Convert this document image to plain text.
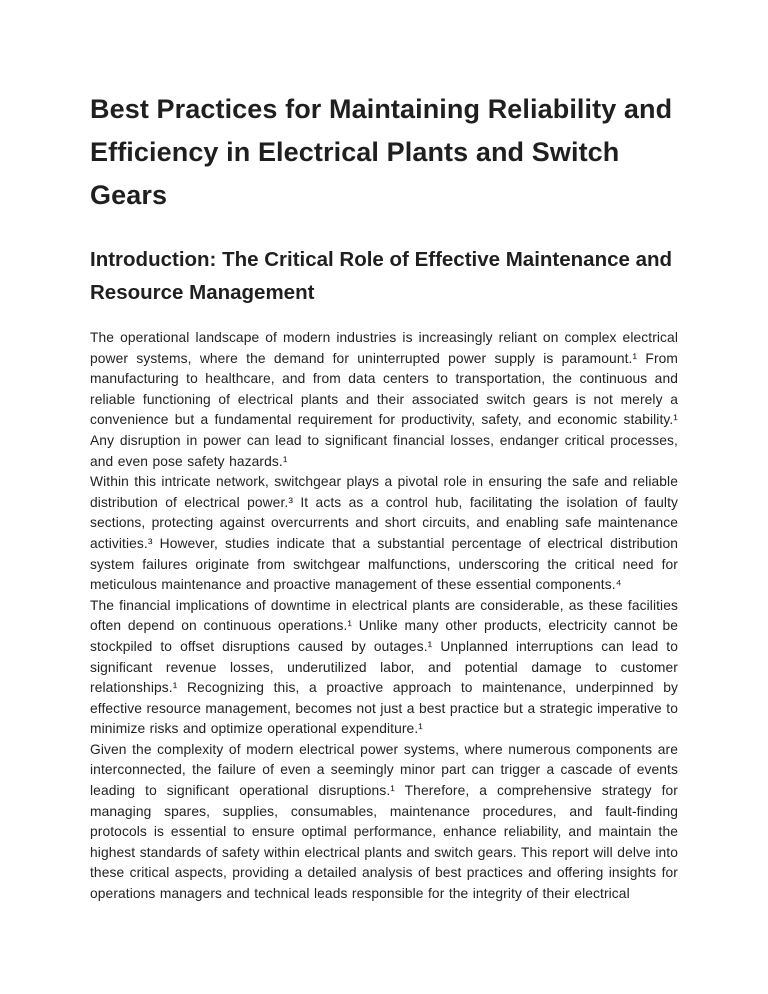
Best Practices for Maintaining Reliability and Efficiency in Electrical Plants and Switch Gears
Introduction: The Critical Role of Effective Maintenance and Resource Management

The operational landscape of modern industries is increasingly reliant on complex electrical power systems, where the demand for uninterrupted power supply is paramount.¹ From manufacturing to healthcare, and from data centers to transportation, the continuous and reliable functioning of electrical plants and their associated switch gears is not merely a convenience but a fundamental requirement for productivity, safety, and economic stability.¹ Any disruption in power can lead to significant financial losses, endanger critical processes, and even pose safety hazards.¹

Within this intricate network, switchgear plays a pivotal role in ensuring the safe and reliable distribution of electrical power.³ It acts as a control hub, facilitating the isolation of faulty sections, protecting against overcurrents and short circuits, and enabling safe maintenance activities.³ However, studies indicate that a substantial percentage of electrical distribution system failures originate from switchgear malfunctions, underscoring the critical need for meticulous maintenance and proactive management of these essential components.⁴

The financial implications of downtime in electrical plants are considerable, as these facilities often depend on continuous operations.¹ Unlike many other products, electricity cannot be stockpiled to offset disruptions caused by outages.¹ Unplanned interruptions can lead to significant revenue losses, underutilized labor, and potential damage to customer relationships.¹ Recognizing this, a proactive approach to maintenance, underpinned by effective resource management, becomes not just a best practice but a strategic imperative to minimize risks and optimize operational expenditure.¹

Given the complexity of modern electrical power systems, where numerous components are interconnected, the failure of even a seemingly minor part can trigger a cascade of events leading to significant operational disruptions.¹ Therefore, a comprehensive strategy for managing spares, supplies, consumables, maintenance procedures, and fault-finding protocols is essential to ensure optimal performance, enhance reliability, and maintain the highest standards of safety within electrical plants and switch gears. This report will delve into these critical aspects, providing a detailed analysis of best practices and offering insights for operations managers and technical leads responsible for the integrity of their electrical
